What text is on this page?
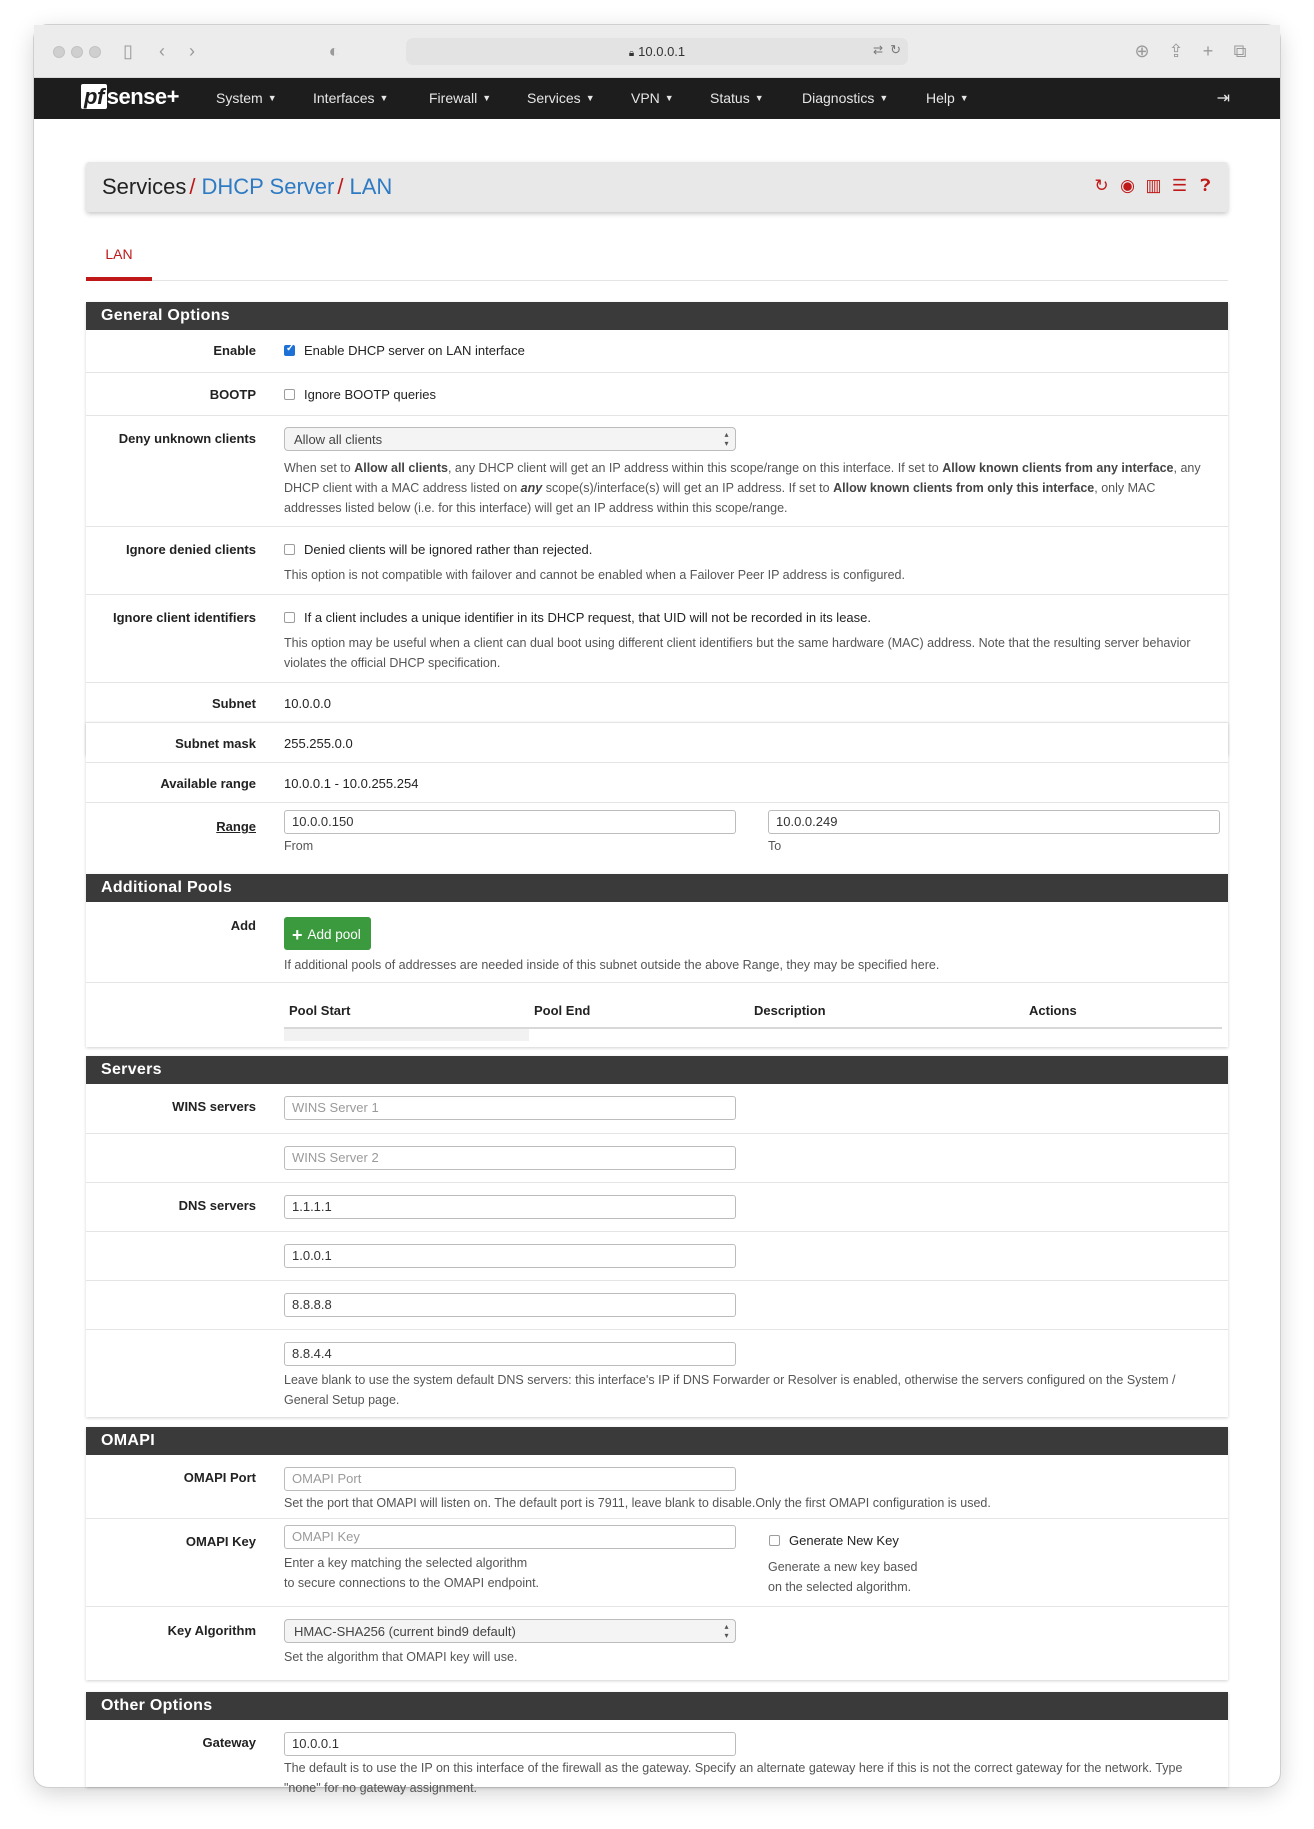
▯	‹	›	◐	🔒︎ 10.0.0.1	⇄ ↻	⊕ ⇪	+	⧉
pf sense+	System ▼	Interfaces ▼	Firewall ▼	Services ▼	VPN ▼	Status ▼	Diagnostics ▼	Help ▼	⇥
Services / DHCP Server / LAN	↻ ◉ ▥ ☰ ❓︎
LAN
General Options
Enable
✓	Enable DHCP server on LAN interface
BOOTP	Ignore BOOTP queries
Deny unknown clients	Allow all clients ▴▾
When set to Allow all clients, any DHCP client will get an IP address within this scope/range on this interface. If set to Allow known clients from any interface, any DHCP client with a MAC address listed on any scope(s)/interface(s) will get an IP address. If set to Allow known clients from only this interface, only MAC addresses listed below (i.e. for this interface) will get an IP address within this scope/range.
Ignore denied clients	Denied clients will be ignored rather than rejected.
This option is not compatible with failover and cannot be enabled when a Failover Peer IP address is configured.
Ignore client identifiers	If a client includes a unique identifier in its DHCP request, that UID will not be recorded in its lease.
This option may be useful when a client can dual boot using different client identifiers but the same hardware (MAC) address. Note that the resulting server behavior violates the official DHCP specification.
Subnet 10.0.0.0
Subnet mask 255.255.0.0
Available range 10.0.0.1 - 10.0.255.254
Range	10.0.0.150
From
10.0.0.249
To
Additional Pools
Add	+ Add pool
If additional pools of addresses are needed inside of this subnet outside the above Range, they may be specified here.
Pool Start	Pool End	Description	Actions
Servers
WINS servers	WINS Server 1
WINS Server 2
DNS servers	1.1.1.1
1.0.0.1
8.8.8.8
8.8.4.4
Leave blank to use the system default DNS servers: this interface's IP if DNS Forwarder or Resolver is enabled, otherwise the servers configured on the System / General Setup page.
OMAPI
OMAPI Port	OMAPI Port
Set the port that OMAPI will listen on. The default port is 7911, leave blank to disable.Only the first OMAPI configuration is used.
OMAPI Key	OMAPI Key
Enter a key matching the selected algorithm
to secure connections to the OMAPI endpoint.
Generate New Key
Generate a new key based
on the selected algorithm.
Key Algorithm	HMAC-SHA256 (current bind9 default) ▴▾
Set the algorithm that OMAPI key will use.
Other Options
Gateway	10.0.0.1
The default is to use the IP on this interface of the firewall as the gateway. Specify an alternate gateway here if this is not the correct gateway for the network. Type "none" for no gateway assignment.
